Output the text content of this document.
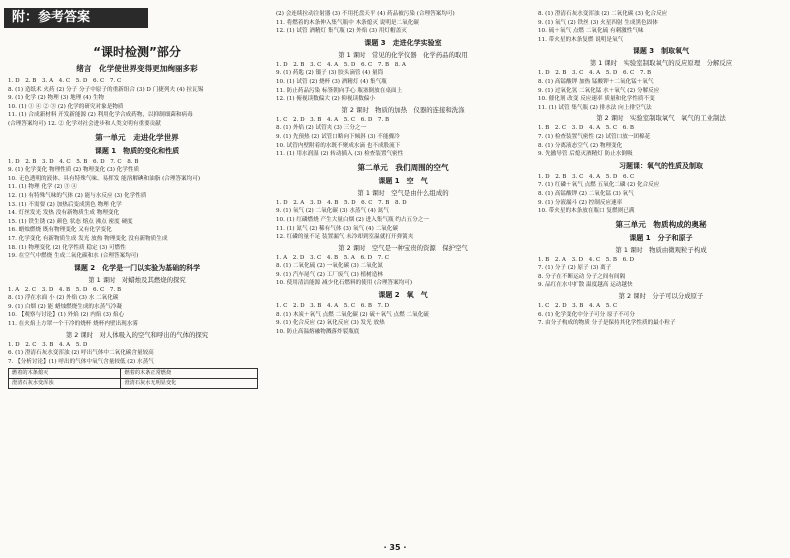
附：参考答案
“课时检测”部分
绪言　化学使世界变得更加绚丽多彩
1. D　2. B　3. A　4. C　5. D　6. C　7. C
8. (1) 造纸术 火药 (2) 分子 分子中原子的重新组合 (3) D 门捷列夫 (4) 拉瓦锡
9. (1) 化学 (2) 物理 (3) 地理 (4) 生物
10. (1) ① ④ ② ③ (2) 化学的研究对象是物质
11. (1) 合成新材料 开发新能源 (2) 利用化学合成药物，以抑制细菌和病毒
(合理答案均可) 12. ② 化学对社会进步和人类文明有重要贡献
第一单元　走进化学世界
课题 1　物质的变化和性质
1. D　2. B　3. D　4. C　5. B　6. D　7. C　8. B
9. (1) 化学变化 物理性质 (2) 物理变化 (3) 化学性质
10. 无色透明的液体、具有特殊气味、易挥发 能溶解碘和油脂 (合理答案均可)
11. (1) 物理 化学 (2) ③ ④
12. (1) 有特殊气味的气体 (2) 能与水反应 (3) 化学性质
13. (1) 不需要 (2) 加热后变成黑色 物理 化学
14. 灯丝发光 发热 没有新物质生成 物理变化
15. (1) 铁生锈 (2) 颜色 状态 熔点 沸点 密度 硬度
16. 蜡烛燃烧 既有物理变化 又有化学变化
17. 化学变化 有新物质生成 发光 放热 物理变化 没有新物质生成
18. (1) 物理变化 (2) 化学性质 稳定 (3) 可燃性
19. 在空气中燃烧 生成二氧化碳和水 (合理答案均可)
课题 2　化学是一门以实验为基础的科学
第 1 课时　对蜡烛及其燃烧的探究
1. A　2. C　3. D　4. B　5. D　6. C　7. B
8. (1) 浮在水面 小 (2) 外焰 (3) 水 二氧化碳
9. (1) 白烟 (2) 能 蜡烛燃烧生成的水蒸气冷凝
10. 【观察与讨论】(1) 外焰 (2) 内焰 (3) 焰心
11. 在火焰上方罩一个干冷的烧杯 烧杯内壁出现水雾
第 2 课时　对人体吸入的空气和呼出的气体的探究
1. D　2. C　3. B　4. A　5. D
6. (1) 澄清石灰水变浑浊 (2) 呼出气体中二氧化碳含量较高
7. 【分析讨论】(1) 呼出的气体中氧气含量较低 (2) 水蒸气
燃着的木条熄灭	燃着的木条正常燃烧
澄清石灰水变浑浊	澄清石灰水无明显变化
(2) 会连续拉动注射器 (3) 不用托盘天平 (4) 药品被污染 (合理答案均可)
11. 将燃着的木条伸入集气瓶中 木条熄灭 说明是二氧化碳
12. (1) 试管 酒精灯 集气瓶 (2) 外焰 (3) 用灯帽盖灭
课题 3　走进化学实验室
第 1 课时　常见的化学仪器　化学药品的取用
1. D　2. B　3. C　4. A　5. D　6. C　7. B　8. A
9. (1) 药匙 (2) 镊子 (3) 胶头滴管 (4) 量筒
10. (1) 试管 (2) 烧杯 (3) 酒精灯 (4) 集气瓶
11. 防止药品污染 标签朝向手心 瓶塞倒放在桌面上
12. (1) 俯视读数偏大 (2) 仰视读数偏小
第 2 课时　物质的加热　仪器的连接和洗涤
1. C　2. D　3. B　4. A　5. C　6. D　7. B
8. (1) 外焰 (2) 试管夹 (3) 三分之一
9. (1) 先预热 (2) 试管口略向下倾斜 (3) 不能骤冷
10. 试管内壁附着的水既不聚成水滴 也不成股流下
11. (1) 用水润湿 (2) 转动插入 (3) 检查装置气密性
第二单元　我们周围的空气
课题 1　空　气
第 1 课时　空气是由什么组成的
1. D　2. A　3. D　4. B　5. D　6. C　7. B　8. D
9. (1) 氧气 (2) 二氧化碳 (3) 水蒸气 (4) 氮气
10. (1) 红磷燃烧 产生大量白烟 (2) 进入集气瓶 约占五分之一
11. (1) 氮气 (2) 稀有气体 (3) 氧气 (4) 二氧化碳
12. 红磷的量不足 装置漏气 未冷却到室温就打开弹簧夹
第 2 课时　空气是一种宝贵的资源　保护空气
1. A　2. D　3. C　4. B　5. A　6. D　7. C
8. (1) 二氧化硫 (2) 一氧化碳 (3) 二氧化氮
9. (1) 汽车尾气 (2) 工厂废气 (3) 植树造林
10. 使用清洁能源 减少化石燃料的使用 (合理答案均可)
课题 2　氧　气
1. C　2. D　3. B　4. A　5. C　6. B　7. D
8. (1) 木炭＋氧气 点燃 二氧化碳 (2) 硫＋氧气 点燃 二氧化硫
9. (1) 化合反应 (2) 氧化反应 (3) 发光 放热
10. 防止高温熔融物溅落炸裂瓶底
8. (1) 澄清石灰水变浑浊 (2) 二氧化碳 (3) 化合反应
9. (1) 氧气 (2) 铁丝 (3) 火星四射 生成黑色固体
10. 硫＋氧气 点燃 二氧化硫 有刺激性气味
11. 带火星的木条复燃 说明是氧气
课题 3　制取氧气
第 1 课时　实验室制取氧气的反应原理　分解反应
1. D　2. B　3. C　4. A　5. D　6. C　7. B
8. (1) 高锰酸钾 加热 锰酸钾＋二氧化锰＋氧气
9. (1) 过氧化氢 二氧化锰 水＋氧气 (2) 分解反应
10. 催化剂 改变 反应速率 质量和化学性质不变
11. (1) 试管 集气瓶 (2) 排水法 向上排空气法
第 2 课时　实验室制取氧气　氧气的工业制法
1. B　2. C　3. D　4. A　5. C　6. B
7. (1) 检查装置气密性 (2) 试管口放一团棉花
8. (1) 分离液态空气 (2) 物理变化
9. 先撤导管 后熄灭酒精灯 防止水倒吸
习题课：氧气的性质及制取
1. D　2. B　3. C　4. A　5. D　6. C
7. (1) 红磷＋氧气 点燃 五氧化二磷 (2) 化合反应
8. (1) 高锰酸钾 (2) 二氧化锰 (3) 氧气
9. (1) 分液漏斗 (2) 控制反应速率
10. 带火星的木条放在瓶口 复燃则已满
第三单元　物质构成的奥秘
课题 1　分子和原子
第 1 课时　物质由微观粒子构成
1. B　2. A　3. D　4. C　5. B　6. D
7. (1) 分子 (2) 原子 (3) 离子
8. 分子在不断运动 分子之间有间隔
9. 品红在水中扩散 温度越高 运动越快
第 2 课时　分子可以分成原子
1. C　2. D　3. B　4. A　5. C
6. (1) 化学变化中分子可分 原子不可分
7. 由分子构成的物质 分子是保持其化学性质的最小粒子
· 35 ·
